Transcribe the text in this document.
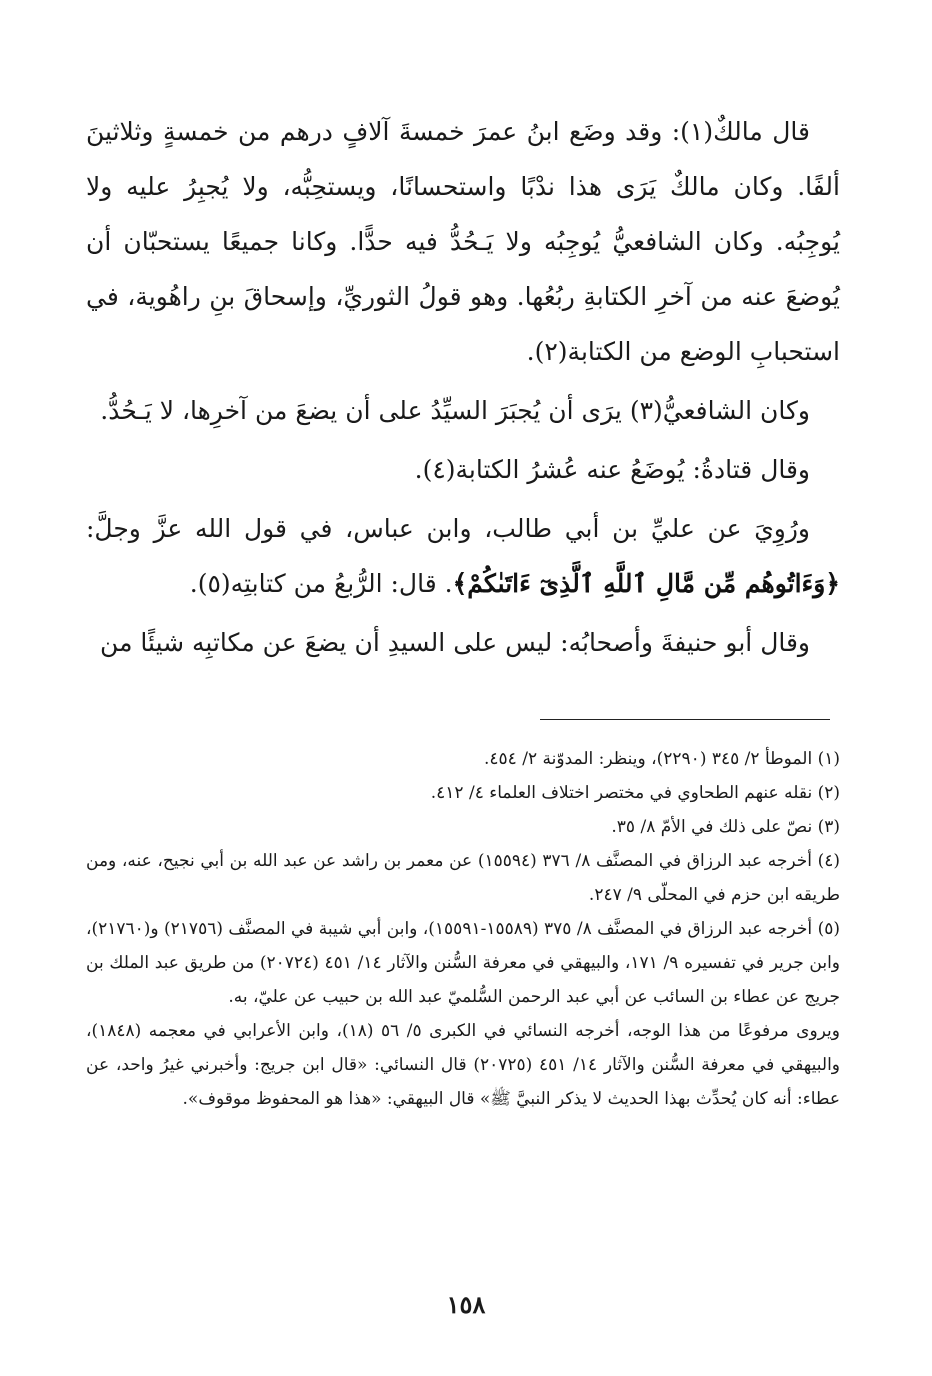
قال مالكٌ(١): وقد وضَع ابنُ عمرَ خمسةَ آلافٍ درهم من خمسةٍ وثلاثينَ ألفًا. وكان مالكٌ يَرَى هذا ندْبًا واستحسانًا، ويستحِبُّه، ولا يُجبِرُ عليه ولا يُوجِبُه. وكان الشافعيُّ يُوجِبُه ولا يَـحُدُّ فيه حدًّا. وكانا جميعًا يستحبّان أن يُوضعَ عنه من آخرِ الكتابةِ ربُعُها. وهو قولُ الثوريِّ، وإسحاقَ بنِ راهُوية، في استحبابِ الوضع من الكتابة(٢).

وكان الشافعيُّ(٣) يرَى أن يُجبَرَ السيِّدُ على أن يضعَ من آخرِها، لا يَـحُدُّ.

وقال قتادةُ: يُوضَعُ عنه عُشرُ الكتابة(٤).

ورُوِيَ عن عليِّ بن أبي طالب، وابن عباس، في قول الله عزَّ وجلَّ: ﴿وَءَاتُوهُم مِّن مَّالِ ٱللَّهِ ٱلَّذِىٓ ءَاتَىٰكُمْ﴾. قال: الرُّبعُ من كتابتِه(٥).

وقال أبو حنيفةَ وأصحابُه: ليس على السيدِ أن يضعَ عن مكاتبِه شيئًا من

(١) الموطأ ٢/ ٣٤٥ (٢٢٩٠)، وينظر: المدوّنة ٢/ ٤٥٤.

(٢) نقله عنهم الطحاوي في مختصر اختلاف العلماء ٤/ ٤١٢.

(٣) نصّ على ذلك في الأمّ ٨/ ٣٥.

(٤) أخرجه عبد الرزاق في المصنَّف ٨/ ٣٧٦ (١٥٥٩٤) عن معمر بن راشد عن عبد الله بن أبي نجيح، عنه، ومن طريقه ابن حزم في المحلّى ٩/ ٢٤٧.

(٥) أخرجه عبد الرزاق في المصنَّف ٨/ ٣٧٥ (١٥٥٨٩-١٥٥٩١)، وابن أبي شيبة في المصنَّف (٢١٧٥٦) و(٢١٧٦٠)، وابن جرير في تفسيره ٩/ ١٧١، والبيهقي في معرفة السُّنن والآثار ١٤/ ٤٥١ (٢٠٧٢٤) من طريق عبد الملك بن جريج عن عطاء بن السائب عن أبي عبد الرحمن السُّلميّ عبد الله بن حبيب عن عليّ، به.

ويروى مرفوعًا من هذا الوجه، أخرجه النسائي في الكبرى ٥/ ٥٦ (١٨)، وابن الأعرابي في معجمه (١٨٤٨)، والبيهقي في معرفة السُّنن والآثار ١٤/ ٤٥١ (٢٠٧٢٥) قال النسائي: «قال ابن جريج: وأخبرني غيرُ واحد، عن عطاء: أنه كان يُحدِّث بهذا الحديث لا يذكر النبيَّ ﷺ» قال البيهقي: «هذا هو المحفوظ موقوف».

١٥٨
